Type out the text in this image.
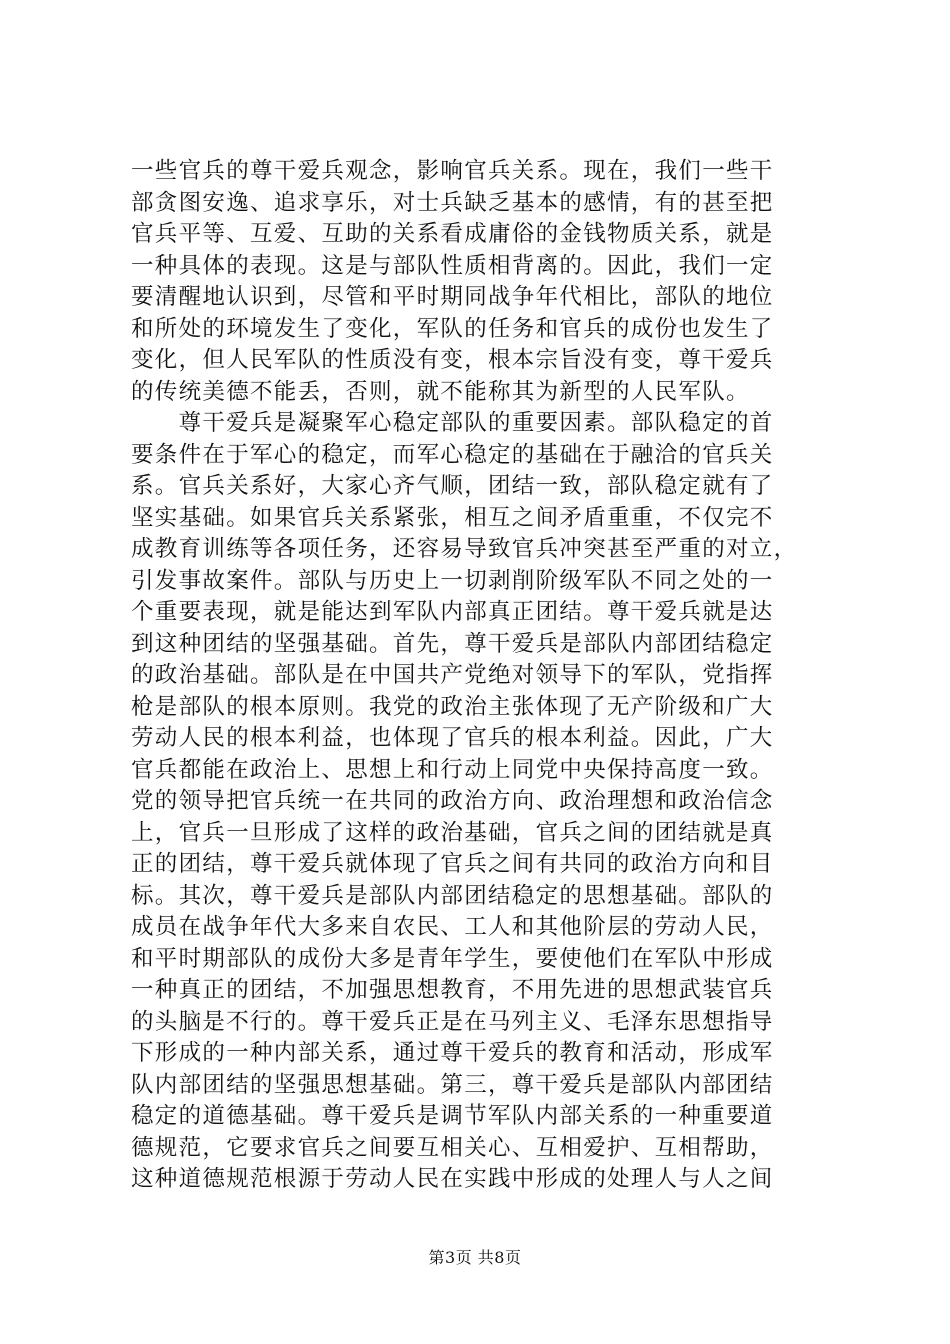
一些官兵的尊干爱兵观念，影响官兵关系。现在，我们一些干
部贪图安逸、追求享乐，对士兵缺乏基本的感情，有的甚至把
官兵平等、互爱、互助的关系看成庸俗的金钱物质关系，就是
一种具体的表现。这是与部队性质相背离的。因此，我们一定
要清醒地认识到，尽管和平时期同战争年代相比，部队的地位
和所处的环境发生了变化，军队的任务和官兵的成份也发生了
变化，但人民军队的性质没有变，根本宗旨没有变，尊干爱兵
的传统美德不能丢，否则，就不能称其为新型的人民军队。
　　尊干爱兵是凝聚军心稳定部队的重要因素。部队稳定的首
要条件在于军心的稳定，而军心稳定的基础在于融洽的官兵关
系。官兵关系好，大家心齐气顺，团结一致，部队稳定就有了
坚实基础。如果官兵关系紧张，相互之间矛盾重重，不仅完不
成教育训练等各项任务，还容易导致官兵冲突甚至严重的对立，
引发事故案件。部队与历史上一切剥削阶级军队不同之处的一
个重要表现，就是能达到军队内部真正团结。尊干爱兵就是达
到这种团结的坚强基础。首先，尊干爱兵是部队内部团结稳定
的政治基础。部队是在中国共产党绝对领导下的军队，党指挥
枪是部队的根本原则。我党的政治主张体现了无产阶级和广大
劳动人民的根本利益，也体现了官兵的根本利益。因此，广大
官兵都能在政治上、思想上和行动上同党中央保持高度一致。
党的领导把官兵统一在共同的政治方向、政治理想和政治信念
上，官兵一旦形成了这样的政治基础，官兵之间的团结就是真
正的团结，尊干爱兵就体现了官兵之间有共同的政治方向和目
标。其次，尊干爱兵是部队内部团结稳定的思想基础。部队的
成员在战争年代大多来自农民、工人和其他阶层的劳动人民，
和平时期部队的成份大多是青年学生，要使他们在军队中形成
一种真正的团结，不加强思想教育，不用先进的思想武装官兵
的头脑是不行的。尊干爱兵正是在马列主义、毛泽东思想指导
下形成的一种内部关系，通过尊干爱兵的教育和活动，形成军
队内部团结的坚强思想基础。第三，尊干爱兵是部队内部团结
稳定的道德基础。尊干爱兵是调节军队内部关系的一种重要道
德规范，它要求官兵之间要互相关心、互相爱护、互相帮助，
这种道德规范根源于劳动人民在实践中形成的处理人与人之间
第3页 共8页
